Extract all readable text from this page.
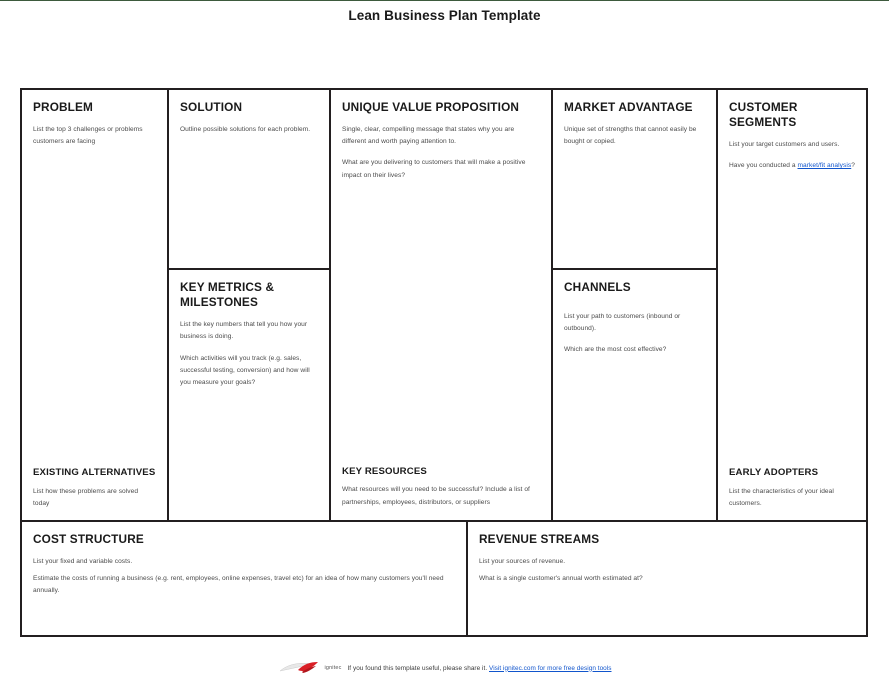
Lean Business Plan Template
PROBLEM

List the top 3 challenges or problems customers are facing

EXISTING ALTERNATIVES

List how these problems are solved today

SOLUTION

Outline possible solutions for each problem.

KEY METRICS & MILESTONES

List the key numbers that tell you how your business is doing.

Which activities will you track (e.g. sales, successful testing, conversion) and how will you measure your goals?

UNIQUE VALUE PROPOSITION

Single, clear, compelling message that states why you are different and worth paying attention to.

What are you delivering to customers that will make a positive impact on their lives?

KEY RESOURCES

What resources will you need to be successful? Include a list of partnerships, employees, distributors, or suppliers

MARKET ADVANTAGE

Unique set of strengths that cannot easily be bought or copied.

CHANNELS

List your path to customers (inbound or outbound).

Which are the most cost effective?

CUSTOMER SEGMENTS

List your target customers and users.

Have you conducted a market/fit analysis?

EARLY ADOPTERS

List the characteristics of your ideal customers.

COST STRUCTURE

List your fixed and variable costs.

Estimate the costs of running a business (e.g. rent, employees, online expenses, travel etc) for an idea of how many customers you'll need annually.

REVENUE STREAMS

List your sources of revenue.

What is a single customer's annual worth estimated at?

ignitec If you found this template useful, please share it. Visit ignitec.com for more free design tools
